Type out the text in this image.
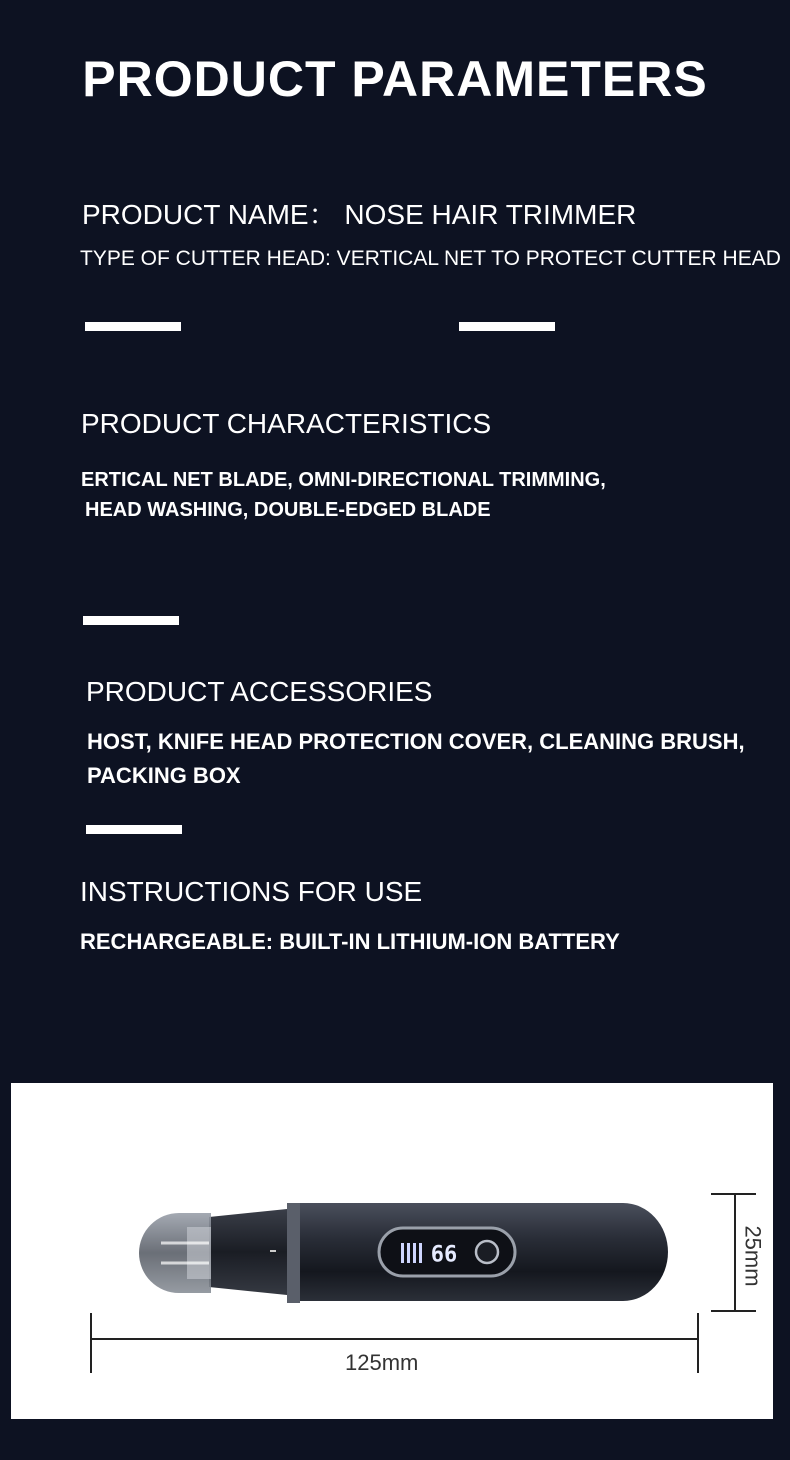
PRODUCT PARAMETERS
PRODUCT NAME： NOSE HAIR TRIMMER
TYPE OF CUTTER HEAD: VERTICAL NET TO PROTECT CUTTER HEAD
PRODUCT CHARACTERISTICS
ERTICAL NET BLADE, OMNI-DIRECTIONAL TRIMMING,
HEAD WASHING, DOUBLE-EDGED BLADE
PRODUCT ACCESSORIES
HOST, KNIFE HEAD PROTECTION COVER, CLEANING BRUSH,
PACKING BOX
INSTRUCTIONS FOR USE
RECHARGEABLE: BUILT-IN LITHIUM-ION BATTERY
99
125mm
25mm
